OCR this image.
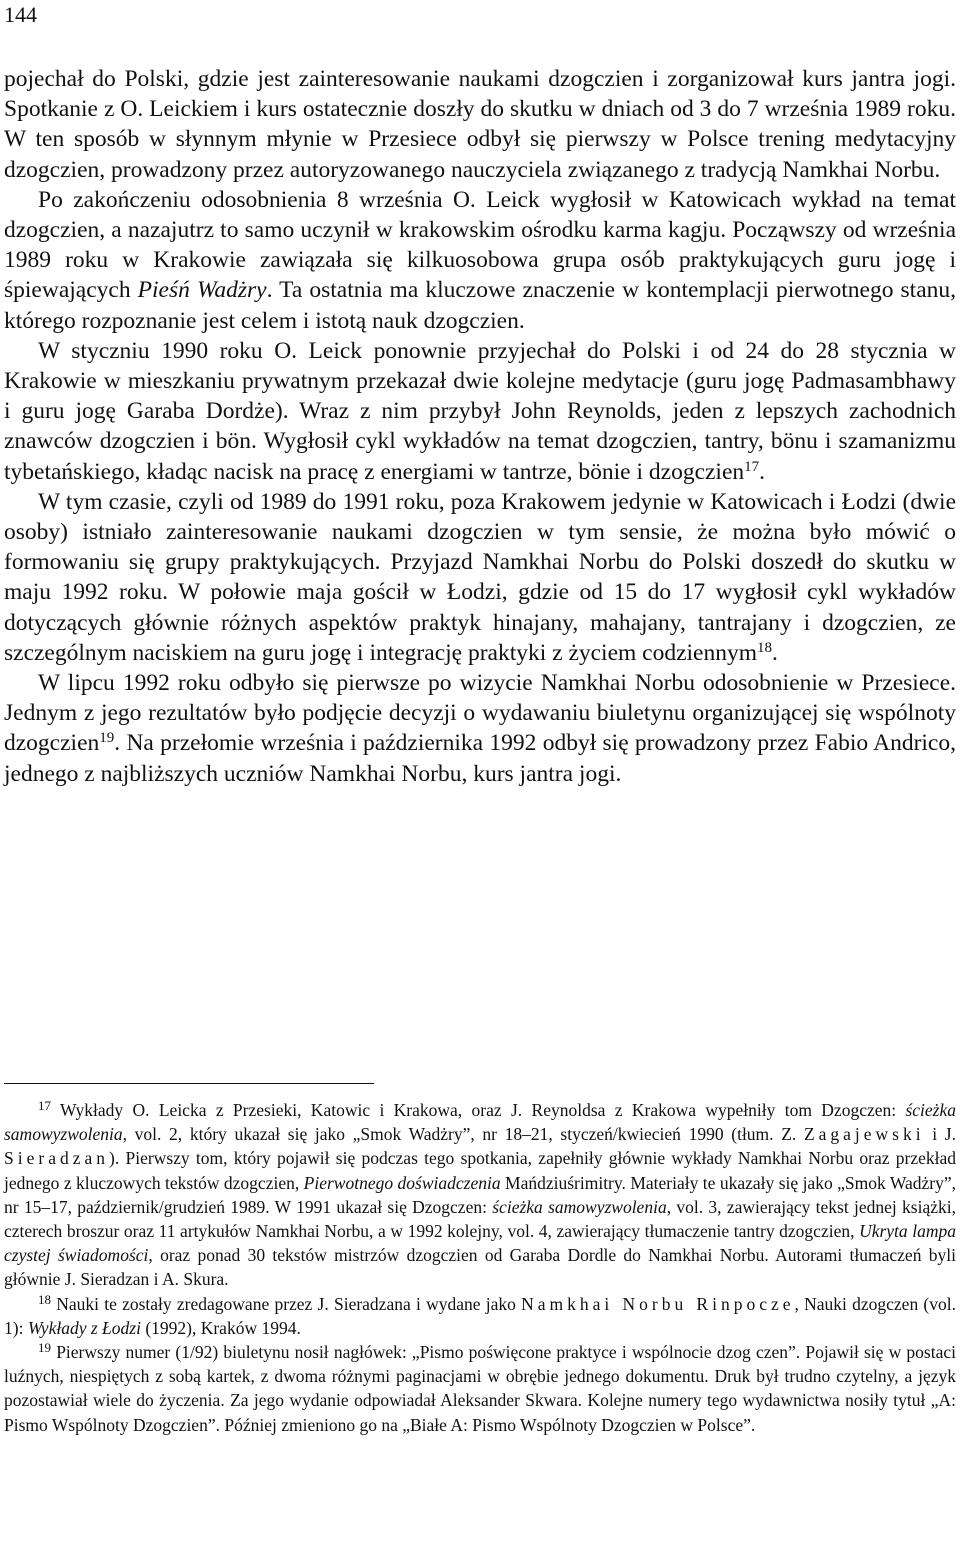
144

pojechał do Polski, gdzie jest zainteresowanie naukami dzogczien i zorganizował kurs jantra jogi. Spotkanie z O. Leickiem i kurs ostatecznie doszły do skutku w dniach od 3 do 7 września 1989 roku. W ten sposób w słynnym młynie w Przesiece odbył się pierwszy w Polsce trening medytacyjny dzogczien, prowadzony przez autoryzowanego nauczyciela związanego z tradycją Namkhai Norbu.

Po zakończeniu odosobnienia 8 września O. Leick wygłosił w Katowicach wykład na temat dzogczien, a nazajutrz to samo uczynił w krakowskim ośrodku karma kagju. Począwszy od września 1989 roku w Krakowie zawiązała się kilkuosobowa grupa osób praktykujących guru jogę i śpiewających Pieśń Wadżry. Ta ostatnia ma kluczowe znaczenie w kontemplacji pierwotnego stanu, którego rozpoznanie jest celem i istotą nauk dzogczien.

W styczniu 1990 roku O. Leick ponownie przyjechał do Polski i od 24 do 28 stycznia w Krakowie w mieszkaniu prywatnym przekazał dwie kolejne medytacje (guru jogę Padmasambhawy i guru jogę Garaba Dordże). Wraz z nim przybył John Reynolds, jeden z lepszych zachodnich znawców dzogczien i bön. Wygłosił cykl wykładów na temat dzogczien, tantry, bönu i szamanizmu tybetańskiego, kładąc nacisk na pracę z energiami w tantrze, bönie i dzogczien$^{17}$.

W tym czasie, czyli od 1989 do 1991 roku, poza Krakowem jedynie w Katowicach i Łodzi (dwie osoby) istniało zainteresowanie naukami dzogczien w tym sensie, że można było mówić o formowaniu się grupy praktykujących. Przyjazd Namkhai Norbu do Polski doszedł do skutku w maju 1992 roku. W połowie maja gościł w Łodzi, gdzie od 15 do 17 wygłosił cykl wykładów dotyczących głównie różnych aspektów praktyk hinajany, mahajany, tantrajany i dzogczien, ze szczególnym naciskiem na guru jogę i integrację praktyki z życiem codziennym$^{18}$.

W lipcu 1992 roku odbyło się pierwsze po wizycie Namkhai Norbu odosobnienie w Przesiece. Jednym z jego rezultatów było podjęcie decyzji o wydawaniu biuletynu organizującej się wspólnoty dzogczien$^{19}$. Na przełomie września i października 1992 odbył się prowadzony przez Fabio Andrico, jednego z najbliższych uczniów Namkhai Norbu, kurs jantra jogi.

$^{17}$ Wykłady O. Leicka z Przesieki, Katowic i Krakowa, oraz J. Reynoldsa z Krakowa wypełniły tom Dzogczen: ścieżka samowyzwolenia, vol. 2, który ukazał się jako „Smok Wadżry”, nr 18–21, styczeń/kwiecień 1990 (tłum. Z. Zagajewski i J. Sieradzan). Pierwszy tom, który pojawił się podczas tego spotkania, zapełniły głównie wykłady Namkhai Norbu oraz przekład jednego z kluczowych tekstów dzogczien, Pierwotnego doświadczenia Mańdziuśrimitry. Materiały te ukazały się jako „Smok Wadżry”, nr 15–17, październik/grudzień 1989. W 1991 ukazał się Dzogczen: ścieżka samowyzwolenia, vol. 3, zawierający tekst jednej książki, czterech broszur oraz 11 artykułów Namkhai Norbu, a w 1992 kolejny, vol. 4, zawierający tłumaczenie tantry dzogczien, Ukryta lampa czystej świadomości, oraz ponad 30 tekstów mistrzów dzogczien od Garaba Dordle do Namkhai Norbu. Autorami tłumaczeń byli głównie J. Sieradzan i A. Skura.

$^{18}$ Nauki te zostały zredagowane przez J. Sieradzana i wydane jako Namkhai Norbu Rinpocze, Nauki dzogczen (vol. 1): Wykłady z Łodzi (1992), Kraków 1994.

$^{19}$ Pierwszy numer (1/92) biuletynu nosił nagłówek: „Pismo poświęcone praktyce i wspólnocie dzog czen”. Pojawił się w postaci luźnych, niespiętych z sobą kartek, z dwoma różnymi paginacjami w obrębie jednego dokumentu. Druk był trudno czytelny, a język pozostawiał wiele do życzenia. Za jego wydanie odpowiadał Aleksander Skwara. Kolejne numery tego wydawnictwa nosiły tytuł „A: Pismo Wspólnoty Dzogczien”. Później zmieniono go na „Białe A: Pismo Wspólnoty Dzogczien w Polsce”.
